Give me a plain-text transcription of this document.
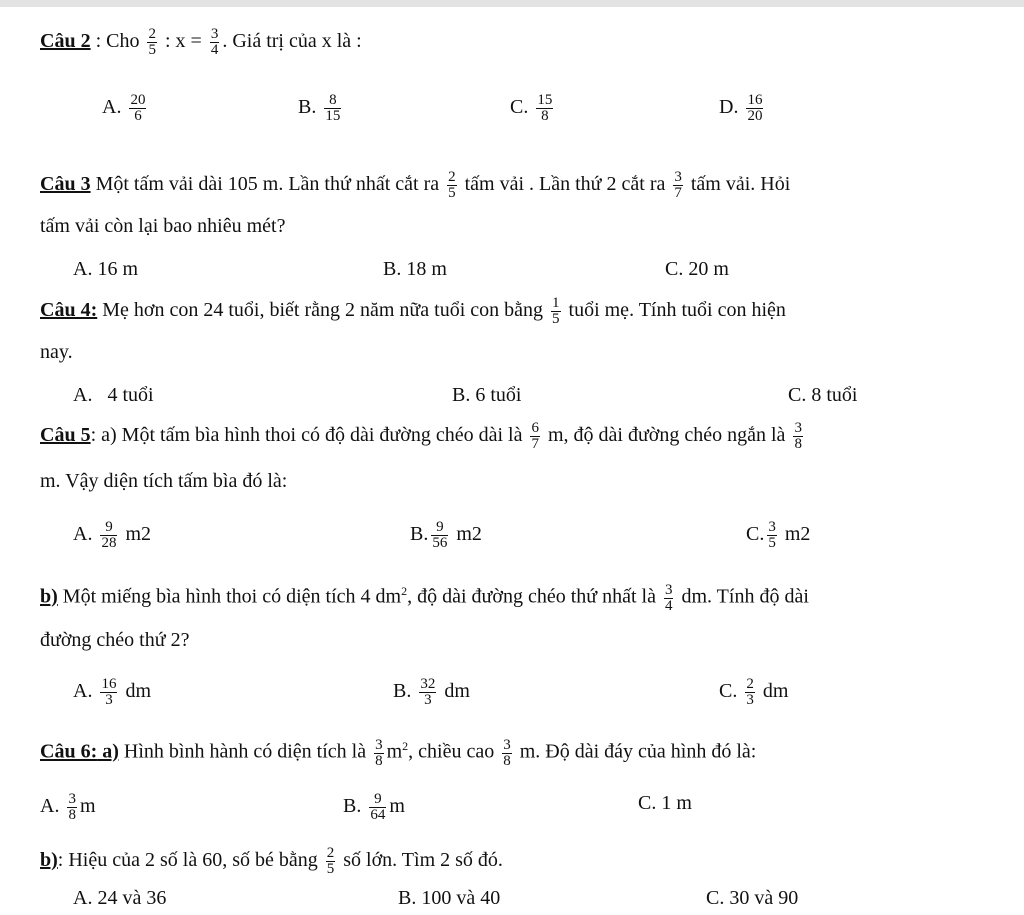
Câu 2 : Cho $\frac{2}{5}$ : $x = \frac{3}{4}$ . Giá trị của x là :
A. $\frac{20}{6}$	B. $\frac{8}{15}$	C. $\frac{15}{8}$	D. $\frac{16}{20}$
Câu 3 Một tấm vải dài 105 m. Lần thứ nhất cắt ra $\frac{2}{5}$ tấm vải . Lần thứ 2 cắt ra $\frac{3}{7}$ tấm vải. Hỏi
tấm vải còn lại bao nhiêu mét?
A. 16 m	B. 18 m	C. 20 m
Câu 4: Mẹ hơn con 24 tuổi, biết rằng 2 năm nữa tuổi con bằng $\frac{1}{5}$ tuổi mẹ. Tính tuổi con hiện
nay.
A.   4 tuổi	B. 6 tuổi	C. 8 tuổi
Câu 5: a) Một tấm bìa hình thoi có độ dài đường chéo dài là $\frac{6}{7} m$, độ dài đường chéo ngắn là $\frac{3}{8}$
m. Vậy diện tích tấm bìa đó là:
A. $\frac{9}{28} m2$	B. $\frac{9}{56} m2$	C. $\frac{3}{5} m2$
b) Một miếng bìa hình thoi có diện tích 4 $dm^2$, độ dài đường chéo thứ nhất là $\frac{3}{4}$ dm. Tính độ dài
đường chéo thứ 2?
A. $\frac{16}{3}$ dm	B. $\frac{32}{3}$ dm	C. $\frac{2}{3}$ dm
Câu 6: a) Hình bình hành có diện tích là $\frac{3}{8} m^2$, chiều cao $\frac{3}{8} m$. Độ dài đáy của hình đó là:
A. $\frac{3}{8}$ m	B. $\frac{9}{64}$ m	C. 1 m
b): Hiệu của 2 số là 60, số bé bằng $\frac{2}{5}$ số lớn. Tìm 2 số đó.
A. 24 và 36	B. 100 và 40	C. 30 và 90
